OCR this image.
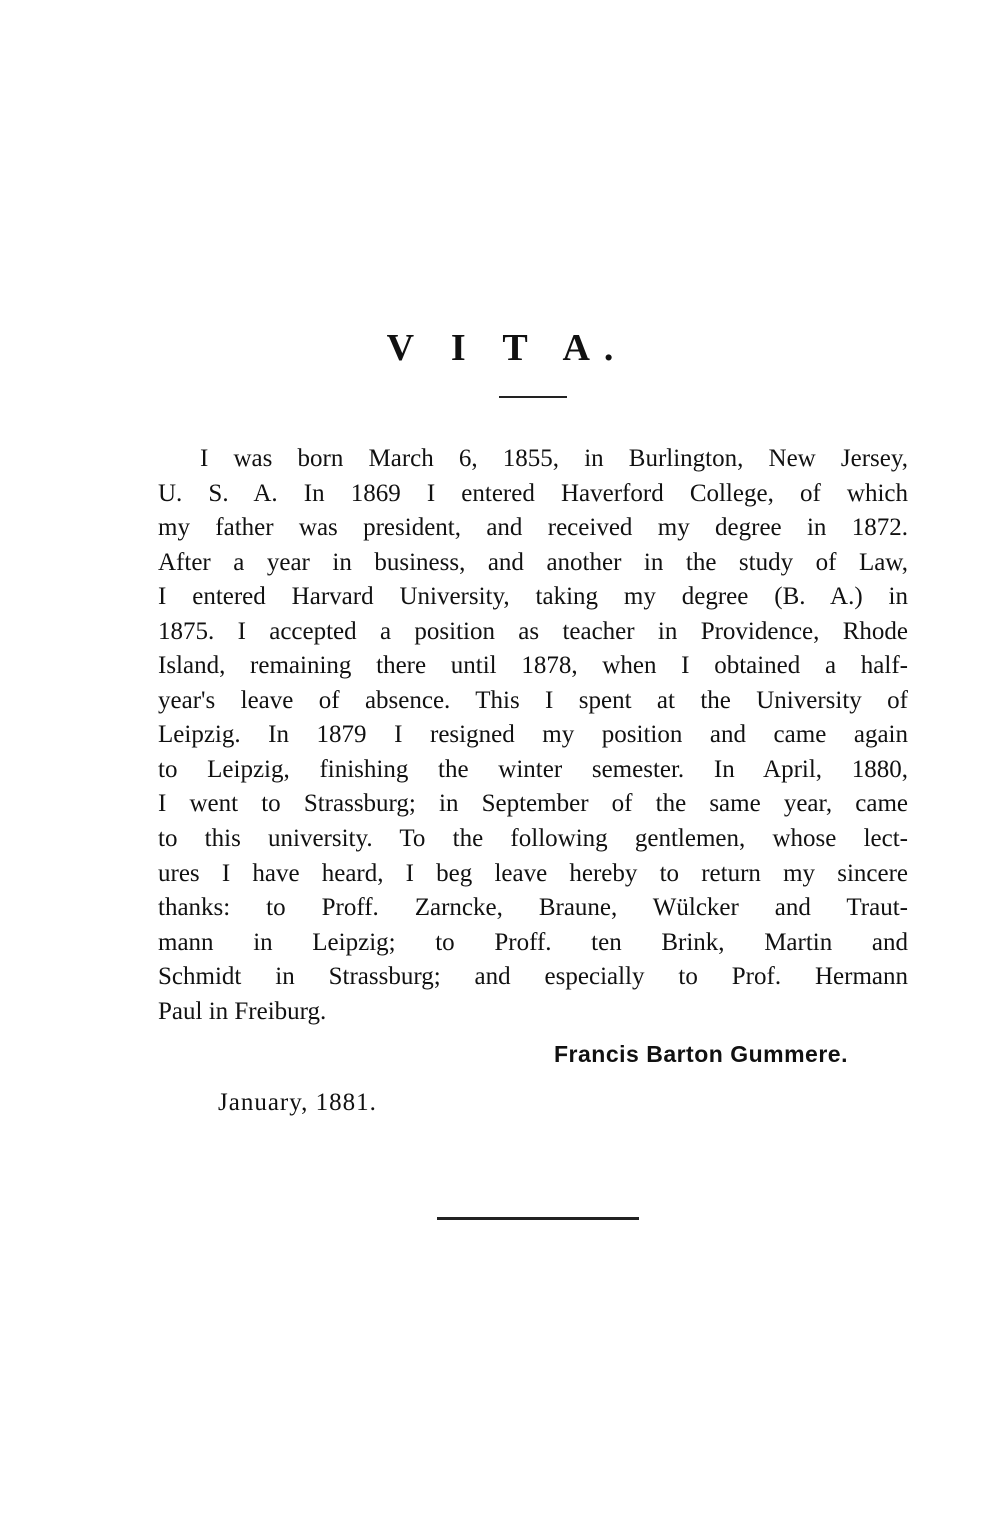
V I T A.
I was born March 6, 1855, in Burlington, New Jersey,
U. S. A. In 1869 I entered Haverford College, of which
my father was president, and received my degree in 1872.
After a year in business, and another in the study of Law,
I entered Harvard University, taking my degree (B. A.) in
1875. I accepted a position as teacher in Providence, Rhode
Island, remaining there until 1878, when I obtained a half-
year's leave of absence. This I spent at the University of
Leipzig. In 1879 I resigned my position and came again
to Leipzig, finishing the winter semester. In April, 1880,
I went to Strassburg; in September of the same year, came
to this university. To the following gentlemen, whose lect-
ures I have heard, I beg leave hereby to return my sincere
thanks: to Proff. Zarncke, Braune, Wülcker and Traut-
mann in Leipzig; to Proff. ten Brink, Martin and
Schmidt in Strassburg; and especially to Prof. Hermann
Paul in Freiburg.
Francis Barton Gummere.
January, 1881.
